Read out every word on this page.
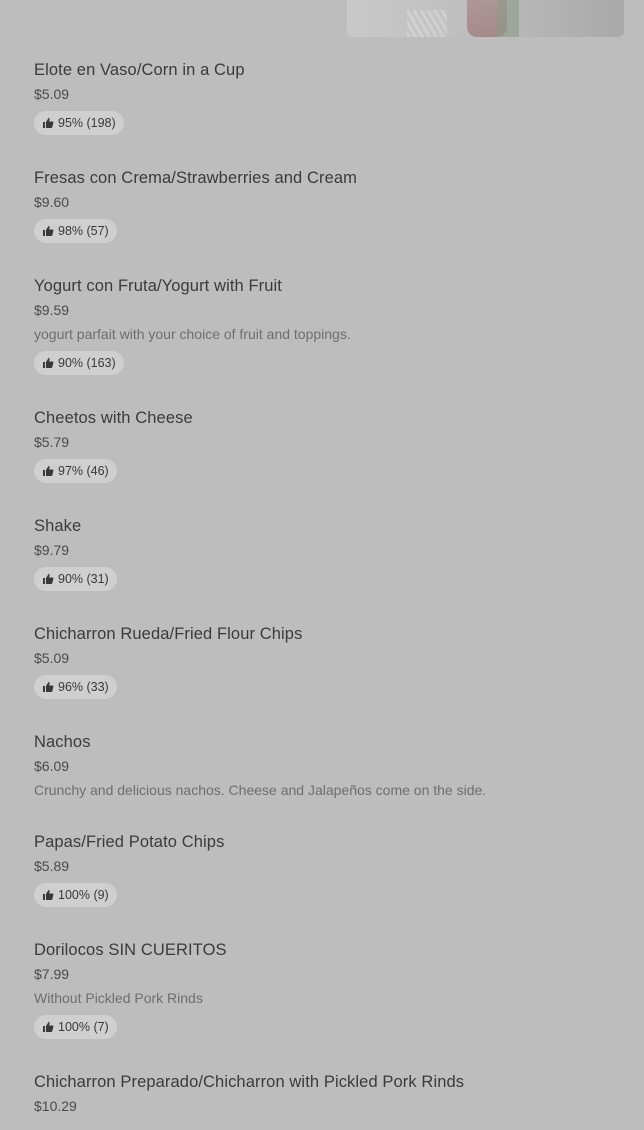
Elote en Vaso/Corn in a Cup
$5.09
95% (198)
Fresas con Crema/Strawberries and Cream
$9.60
98% (57)
Yogurt con Fruta/Yogurt with Fruit
$9.59
yogurt parfait with your choice of fruit and toppings.
90% (163)
Cheetos with Cheese
$5.79
97% (46)
Shake
$9.79
90% (31)
Chicharron Rueda/Fried Flour Chips
$5.09
96% (33)
Nachos
$6.09
Crunchy and delicious nachos. Cheese and Jalapeños come on the side.
Papas/Fried Potato Chips
$5.89
100% (9)
Dorilocos SIN CUERITOS
$7.99
Without Pickled Pork Rinds
100% (7)
Chicharron Preparado/Chicharron with Pickled Pork Rinds
$10.29
